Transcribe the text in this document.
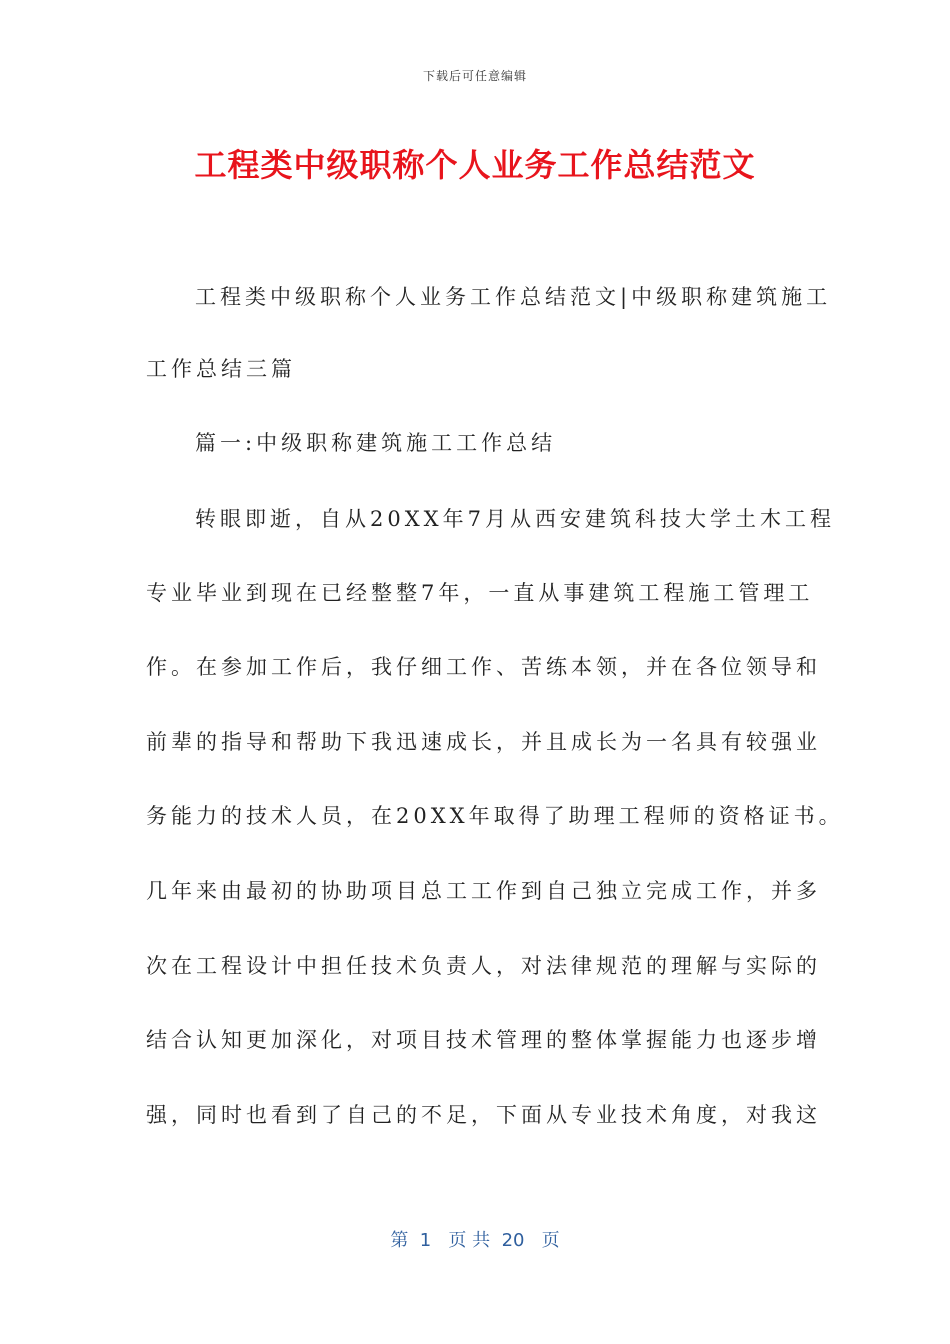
下载后可任意编辑
工程类中级职称个人业务工作总结范文
工程类中级职称个人业务工作总结范文|中级职称建筑施工
工作总结三篇
篇一:中级职称建筑施工工作总结
转眼即逝，自从20XX年7月从西安建筑科技大学土木工程
专业毕业到现在已经整整7年，一直从事建筑工程施工管理工
作。在参加工作后，我仔细工作、苦练本领，并在各位领导和
前辈的指导和帮助下我迅速成长，并且成长为一名具有较强业
务能力的技术人员，在20XX年取得了助理工程师的资格证书。
几年来由最初的协助项目总工工作到自己独立完成工作，并多
次在工程设计中担任技术负责人，对法律规范的理解与实际的
结合认知更加深化，对项目技术管理的整体掌握能力也逐步增
强，同时也看到了自己的不足，下面从专业技术角度，对我这
第  1   页 共  20   页
